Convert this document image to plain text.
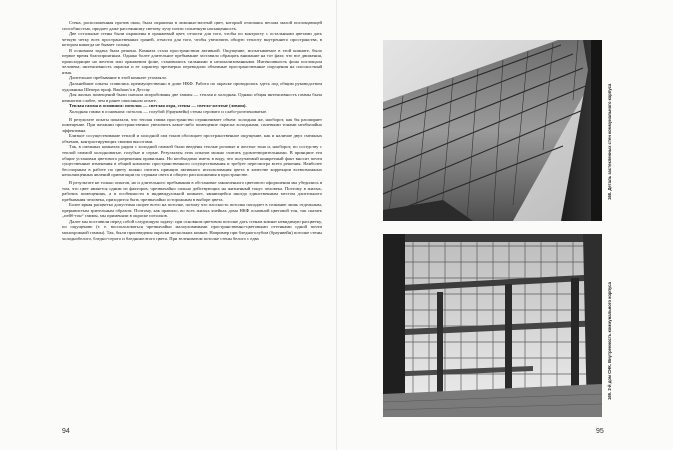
Стена, расположенная против окон, была окрашена в лимонно-желтый цвет, который отличаясь весьма малой поглощающей способностью, придает даже рассеянному светову лучу почти солнечную насыщенность.

Две остальные стены были окрашены в оранжевый цвет, отчасти для того, чтобы по контрасту с остальными цветами дать четкую четку всех пространственных граней, отчасти для того, чтобы увеличить общую теплоту внутреннего пространства, в котором никогда не бывает солнца.

В основном задача была решена. Комната стала пространством активной. Ощущение, испытываемое в этой комнате, было первое время благоприятным. Однако более длительное пребывание заставило обращать внимание на тот факт, что все движения, происходящие на желтом или оранжевом фоне, становились сильными и нелокализованными. Интенсивность фона поглощала человека; интенсивность окраски и ее характер чрезмерно переводили объемные пространственные ощущения на плоскостный язык.

Длительное пребывание в этой комнате утомляло.

Дальнейшие опыты ставились преимущественно в доме НКФ. Работа по окраске проводилась здесь под общим руководством художника Шепера проф. Bauhaus'а в Дессау.

Для жилых помещений были сначала испробованы две гаммы — теплая и холодная. Однако общая интенсивность гаммы была немногим слабее, чем в ранее описанном опыте.

Теплая гамма в основном: потолок — светлая охра, стены — светло-желтые (лимон).

Холодная гамма в основном: потолок — голубой (браунвейн) стены серовато и слабо-розеленоватые.

В результате опыты показали, что теплая гамма пространство ограничивает объем: холодная же, наоборот, как бы расширяет помещение. При желании пространственно увеличить какое-либо помещение окраска холодными, палевыми тонами необычайно эффективна.

Близкое сосуществование теплой и холодной гам тонов обогащает пространственное ощущение, как и наличие двух смежных объемов, контрастирующих своими высотами.

Так, в смежных комнатах рядом с холодной гаммой были введены теплые розовые и желтые тона и, наоборот, по соседству с теплой гаммой холодноватые, голубые и серые. Результаты этих опытов можно считать удовлетворительными. В принципе эти общие установки цветового разрешения правильны. Но необходимо иметь в виду, что получаемый конкретный факт вносит почти существенные изменения в общий комплекс пространственного сосуществования и требует пересмотра всего решения. Наиболее бесспорным в работе по цвету можно считать принцип активного использования цвета в качестве коррекции всевозможных неполноценных явлений ориентации по странам света и общего расположения в пространстве.

В результате не только опытов, но и длительного пребывания в обстановке законченного цветового оформления мы убедились в том, что цвет является одним из факторов, чрезвычайно сильно действующих на жизненный тонус человека. Поэтому в жилых, рабочих помещениях, а в особенности в индивидуальной комнате, являющейся иногда единственным местом длительного пребывания человека, приходится быть чрезвычайно осторожным в выборе цвета.

Более яркая расцветка допустима скорее всего на потолке, потому что плоскость потолка попадает в сознание лишь отдельным, прерывистым зрительным образом. Поэтому, как правило, во всех жилых ячейках дома НКФ основной цветовой тон, так сказать „пейб-тон“ гаммы, мы применяли в окраске потолков.

Далее мы поставили перед собой следующую задачу: при основном цветовом потолке дать стенам комнат невидимую расцветку, по ощущению (т. е. воспользоваться чрезвычайно малоуловимыми пространственно-цветовыми оттенками одной почти монохромной гаммы). Так, были произведены окраски нескольких комнат. Например при бледноголубом (браунвейн) потолке стены холоднобелого, бледно-серого и бледножелтого цвета. При зеленоватом потолке стены белого с едва

94
168. Деталь застекленных стен коммунального корпуса
169. 2-й дом СНК. Внутренность коммунального корпуса
95
